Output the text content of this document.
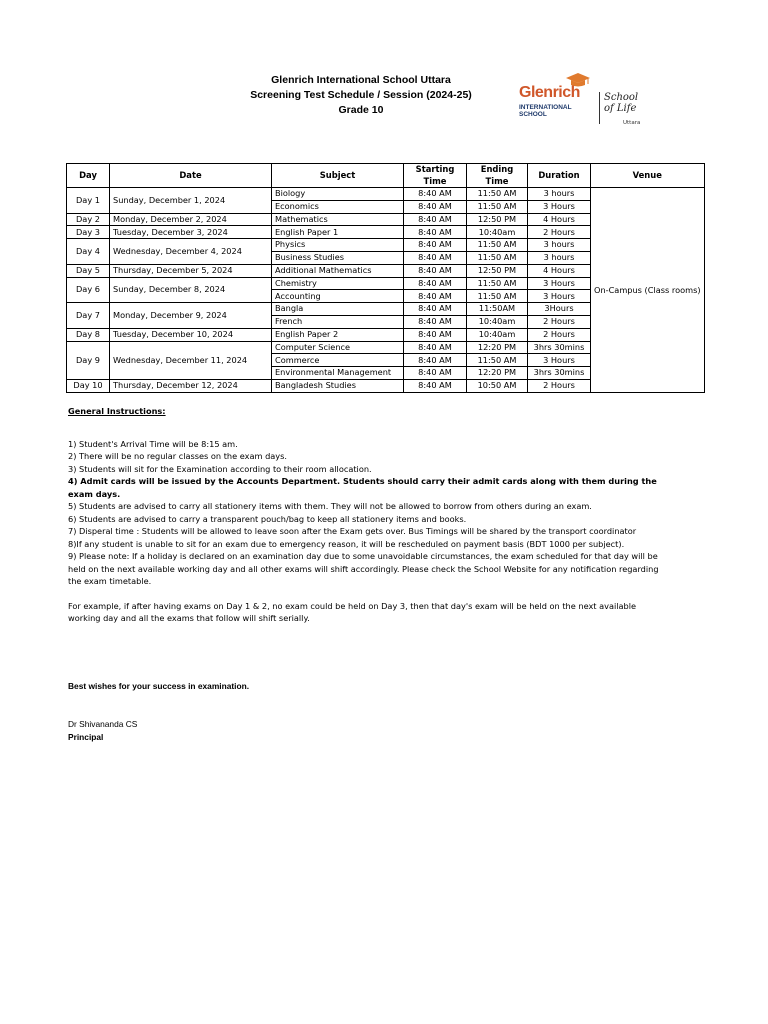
Glenrich International School Uttara
Screening Test Schedule / Session (2024-25)
Grade 10
Glenrich
INTERNATIONAL
SCHOOL
School
of Life
Uttara
Day	Date	Subject	Starting Time	Ending Time	Duration	Venue
Day 1	Sunday, December 1, 2024	Biology	8:40 AM	11:50 AM	3 hours	On-Campus (Class rooms)
		Economics	8:40 AM	11:50 AM	3 Hours	
Day 2	Monday, December 2, 2024	Mathematics	8:40 AM	12:50 PM	4 Hours	
Day 3	Tuesday, December 3, 2024	English Paper 1	8:40 AM	10:40am	2 Hours	
Day 4	Wednesday, December 4, 2024	Physics	8:40 AM	11:50 AM	3 hours	
		Business Studies	8:40 AM	11:50 AM	3 hours	
Day 5	Thursday, December 5, 2024	Additional Mathematics	8:40 AM	12:50 PM	4 Hours	
Day 6	Sunday, December 8, 2024	Chemistry	8:40 AM	11:50 AM	3 Hours	
		Accounting	8:40 AM	11:50 AM	3 Hours	
Day 7	Monday, December 9, 2024	Bangla	8:40 AM	11:50AM	3Hours	
		French	8:40 AM	10:40am	2 Hours	
Day 8	Tuesday, December 10, 2024	English Paper 2	8:40 AM	10:40am	2 Hours	
Day 9	Wednesday, December 11, 2024	Computer Science	8:40 AM	12:20 PM	3hrs 30mins	
		Commerce	8:40 AM	11:50 AM	3 Hours	
		Environmental Management	8:40 AM	12:20 PM	3hrs 30mins	
Day 10	Thursday, December 12, 2024	Bangladesh Studies	8:40 AM	10:50 AM	2 Hours	

General Instructions:

1) Student's Arrival Time will be 8:15 am.

2) There will be no regular classes on the exam days.

3) Students will sit for the Examination according to their room allocation.

4) Admit cards will be issued by the Accounts Department. Students should carry their admit cards along with them during the exam days.

5) Students are advised to carry all stationery items with them. They will not be allowed to borrow from others during an exam.

6) Students are advised to carry a transparent pouch/bag to keep all stationery items and books.

7) Disperal time : Students will be allowed to leave soon after the Exam gets over. Bus Timings will be shared by the transport coordinator

8)If any student is unable to sit for an exam due to emergency reason, it will be rescheduled on payment basis (BDT 1000 per subject).

9) Please note: If a holiday is declared on an examination day due to some unavoidable circumstances, the exam scheduled for that day will be held on the next available working day and all other exams will shift accordingly. Please check the School Website for any notification regarding the exam timetable.

For example, if after having exams on Day 1 & 2, no exam could be held on Day 3, then that day's exam will be held on the next available working day and all the exams that follow will shift serially.

Best wishes for your success in examination.
Dr Shivananda CS
Principal
